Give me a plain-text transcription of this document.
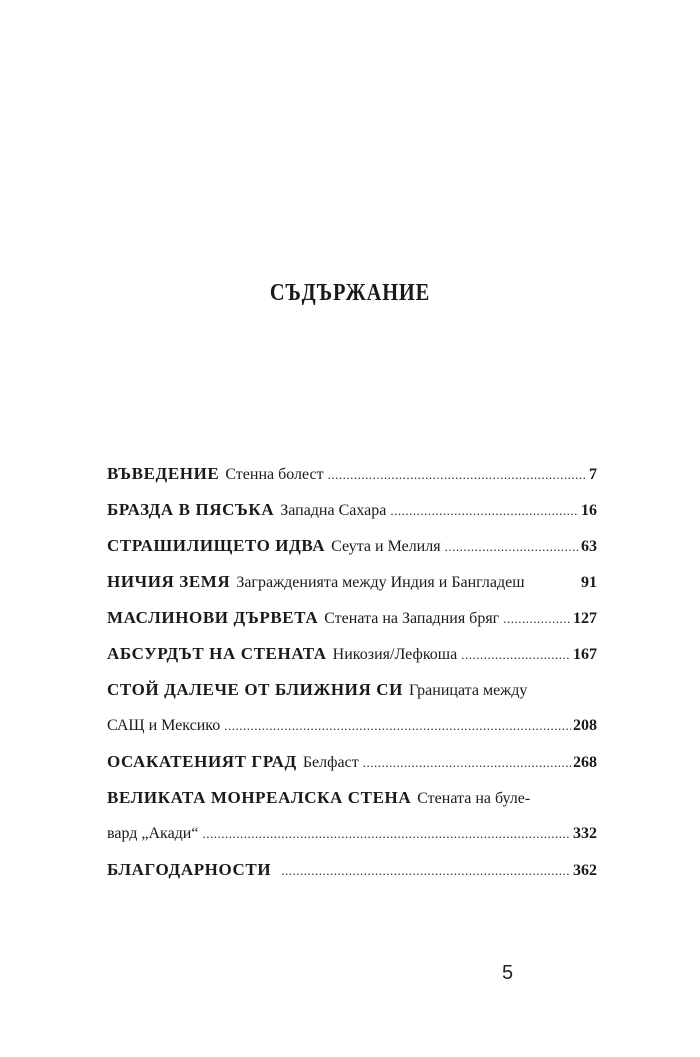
СЪДЪРЖАНИЕ
ВЪВЕДЕНИЕ Стенна болест .....	7
БРАЗДА В ПЯСЪКА Западна Сахара .....	16
СТРАШИЛИЩЕТО ИДВА Сеута и Мелиля .....	63
НИЧИЯ ЗЕМЯ Загражденията между Индия и Бангладеш	91
МАСЛИНОВИ ДЪРВЕТА Стената на Западния бряг .....	127
АБСУРДЪТ НА СТЕНАТА Никозия/Лефкоша .....	167
СТОЙ ДАЛЕЧЕ ОТ БЛИЖНИЯ СИ Границата между
САЩ и Мексико .....	208
ОСАКАТЕНИЯТ ГРАД Белфаст .....	268
ВЕЛИКАТА МОНРЕАЛСКА СТЕНА Стената на буле-
вард „Акади“ .....	332
БЛАГОДАРНОСТИ .....	362
5
